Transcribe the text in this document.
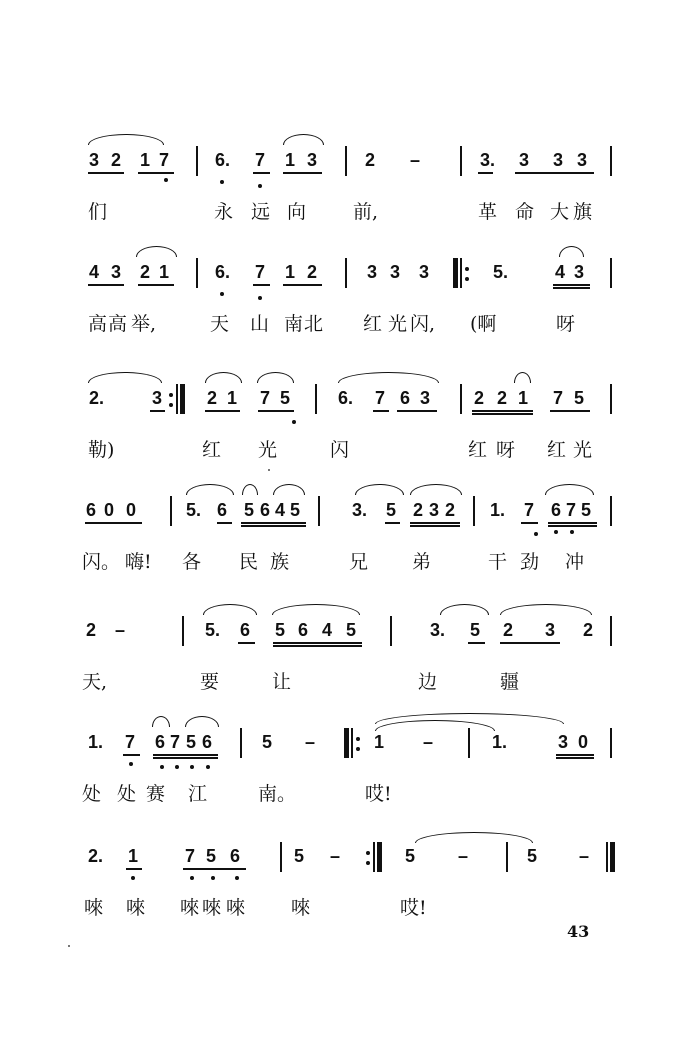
3 2 1 7	6. 7 1 3	2 –	3. 3 3 3
们	永 远 向 前,	革 命 大 旗
4 3 2 1	6. 7 1 2	3 3 3	5.	4 3
高 高 举,	天 山 南 北 红 光 闪, (啊	呀
2.	3 2 1 7 5	6. 7 6 3 2 2 1 7 5
勒)	红 光	闪	红 呀 红 光
6 0 0	5. 6 5 6 4 5	3. 5 2 3 2 1. 7 6 7 5
闪。 嗨! 各 民 族	兄 弟	干 劲 冲
2 –	5. 6 5 6 4 5	3. 5 2 3 2
天,	要	让	边	疆
1. 7 6 7 5 6	5 –	1 –	1.	3 0
处 处 赛 江	南。	哎!
2. 1	7 5 6	5 –	5 –	5 –
唻 唻 唻 唻 唻 唻	哎!
43
